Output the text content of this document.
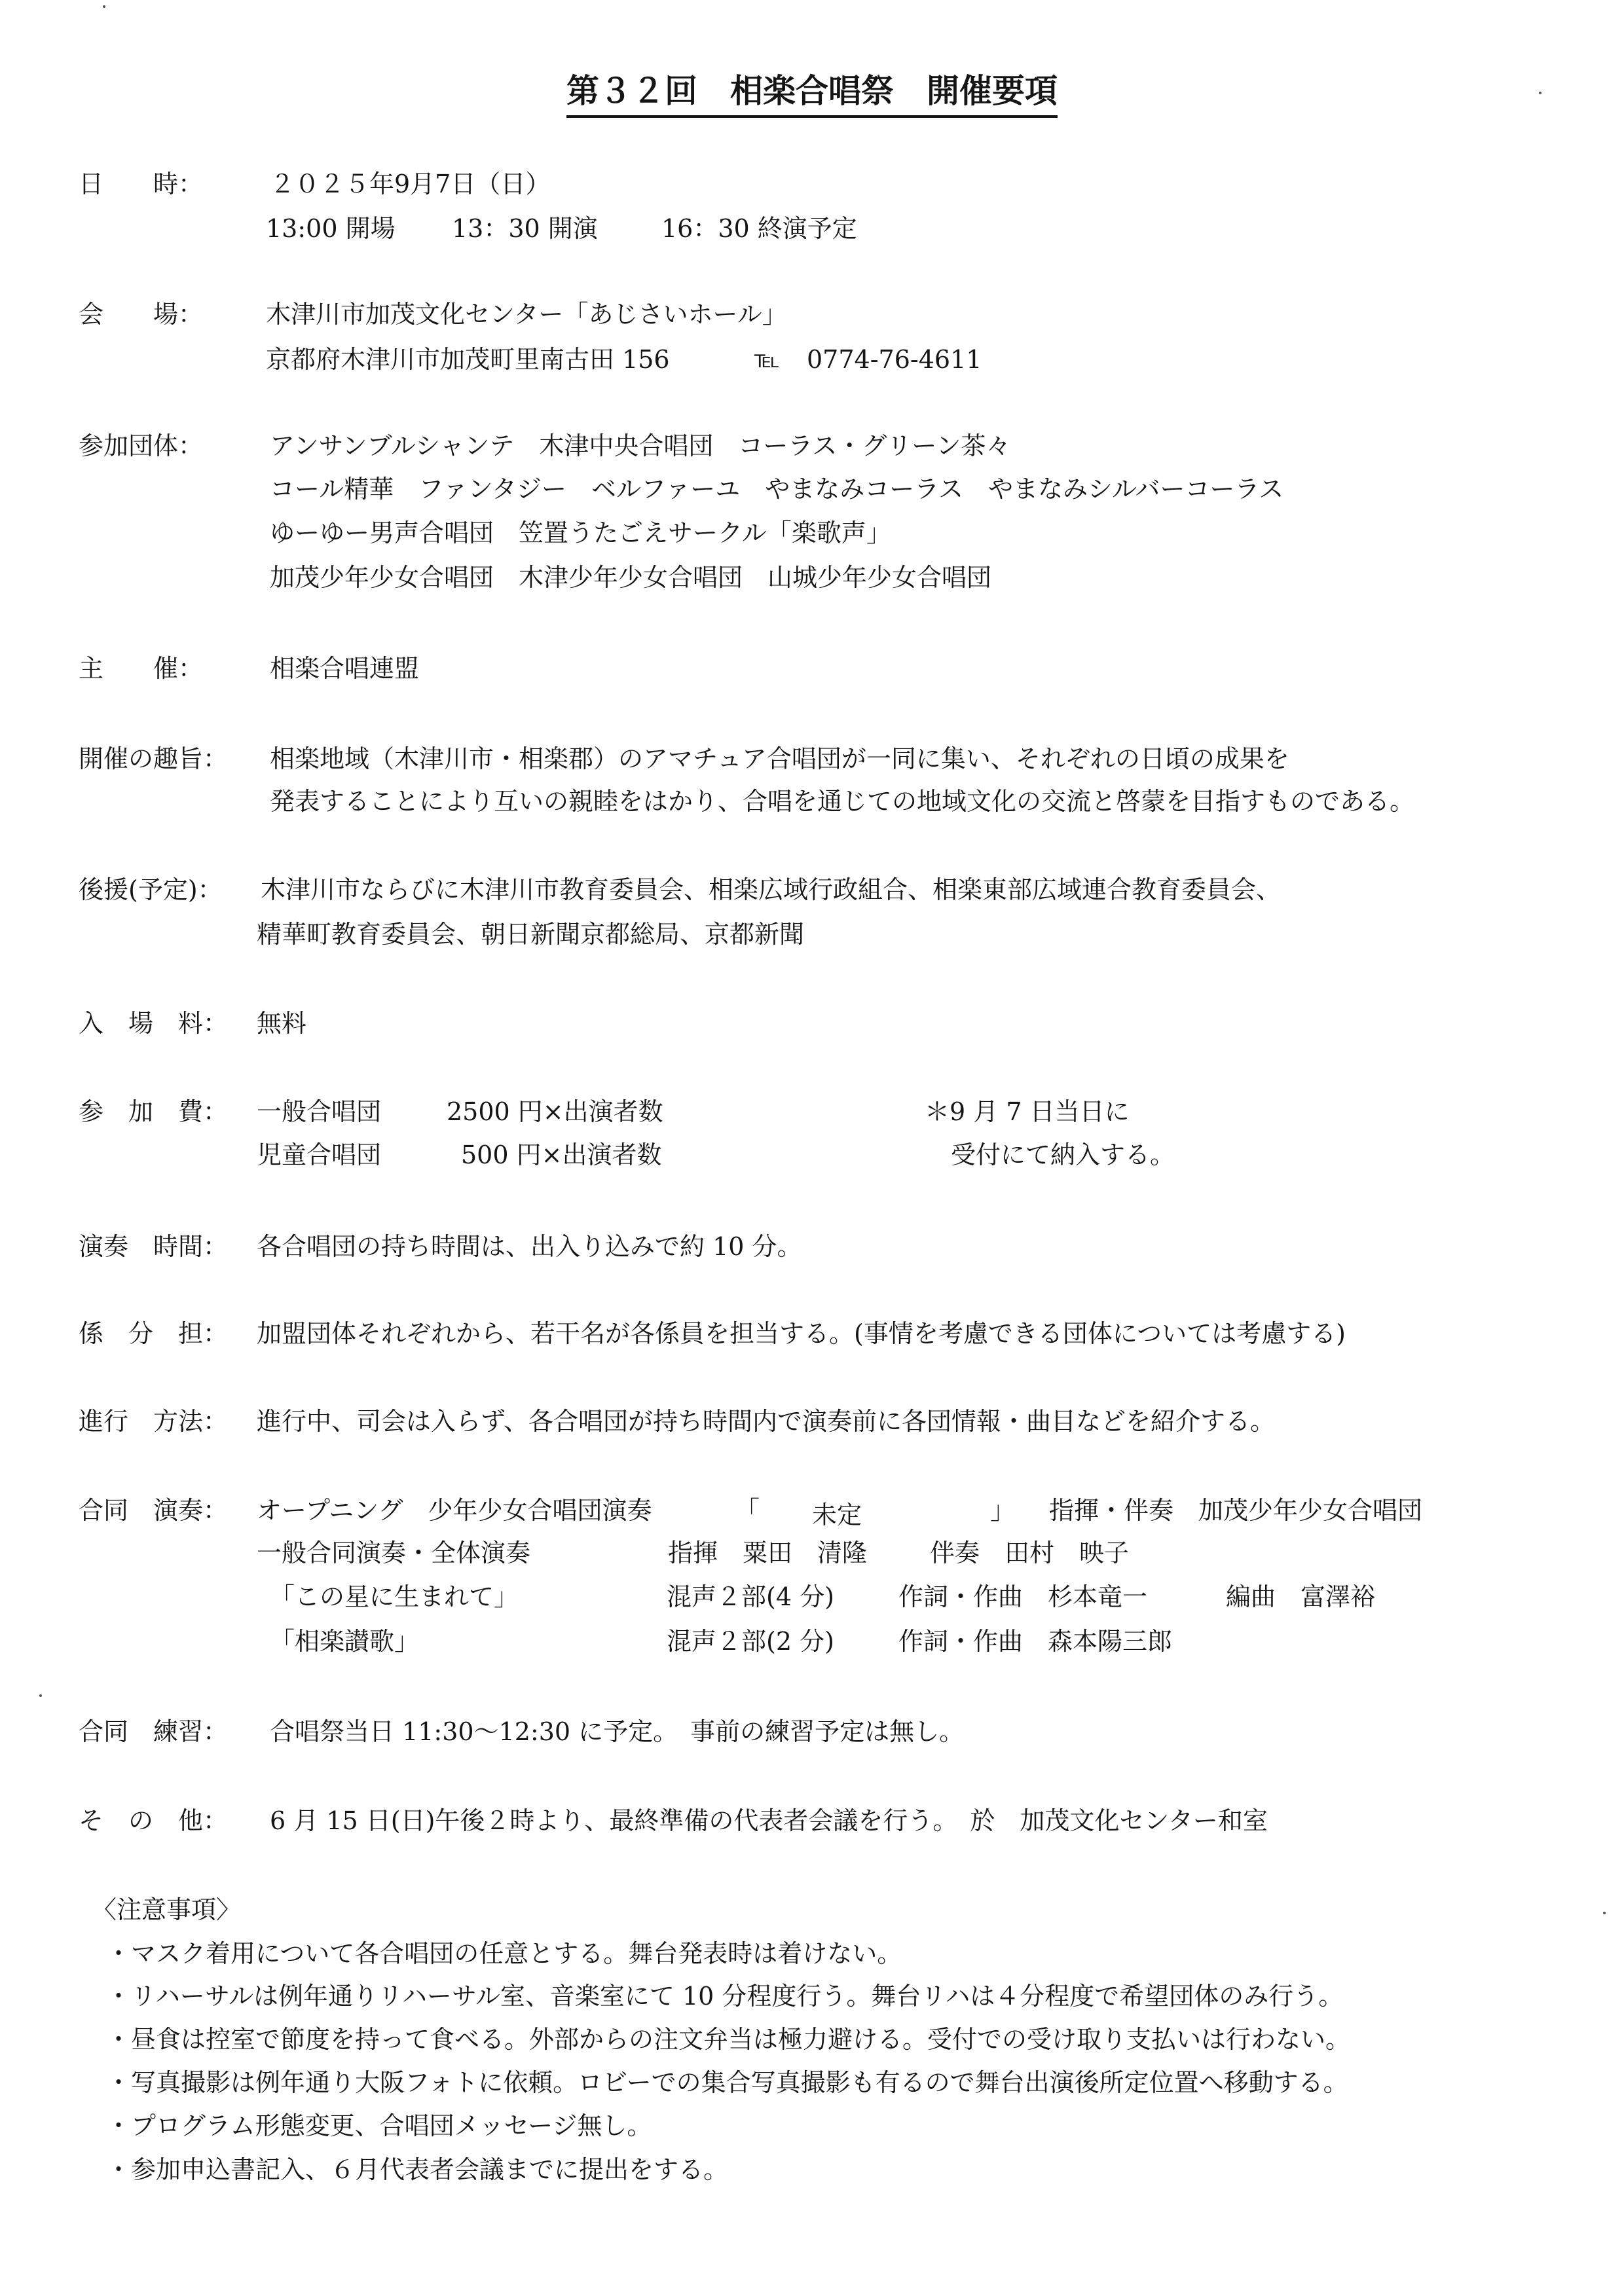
第３２回　相楽合唱祭　開催要項
日　　時：	２０２５年9月7日（日）
13:00 開場 13：30 開演	16：30 終演予定
会　　場：	木津川市加茂文化センター「あじさいホール」
京都府木津川市加茂町里南古田 156	℡ 0774-76-4611
参加団体：	アンサンブルシャンテ　木津中央合唱団　コーラス・グリーン茶々
コール精華　ファンタジー　ベルファーユ　やまなみコーラス　やまなみシルバーコーラス
ゆーゆー男声合唱団　笠置うたごえサークル「楽歌声」
加茂少年少女合唱団　木津少年少女合唱団　山城少年少女合唱団
主　　催：	相楽合唱連盟
開催の趣旨： 相楽地域（木津川市・相楽郡）のアマチュア合唱団が一同に集い、それぞれの日頃の成果を
発表することにより互いの親睦をはかり、合唱を通じての地域文化の交流と啓蒙を目指すものである。
後援(予定)： 木津川市ならびに木津川市教育委員会、相楽広域行政組合、相楽東部広域連合教育委員会、
精華町教育委員会、朝日新聞京都総局、京都新聞
入　場　料： 無料
参　加　費： 一般合唱団	2500 円×出演者数	＊9 月 7 日当日に
児童合唱団	500 円×出演者数	受付にて納入する。
演奏　時間： 各合唱団の持ち時間は、出入り込みで約 10 分。
係　分　担： 加盟団体それぞれから、若干名が各係員を担当する。(事情を考慮できる団体については考慮する)
進行　方法： 進行中、司会は入らず、各合唱団が持ち時間内で演奏前に各団情報・曲目などを紹介する。
合同　演奏： オープニング　少年少女合唱団演奏	「 未定	」 指揮・伴奏　加茂少年少女合唱団
一般合同演奏・全体演奏	指揮　粟田　清隆	伴奏　田村　映子
「この星に生まれて」	混声２部(4 分)	作詞・作曲　杉本竜一	編曲　富澤裕
「相楽讃歌」	混声２部(2 分)	作詞・作曲　森本陽三郎
合同　練習： 合唱祭当日 11:30～12:30 に予定。　事前の練習予定は無し。
そ　の　他： 6 月 15 日(日)午後２時より、最終準備の代表者会議を行う。　於　加茂文化センター和室
〈注意事項〉
・マスク着用について各合唱団の任意とする。舞台発表時は着けない。
・リハーサルは例年通りリハーサル室、音楽室にて 10 分程度行う。舞台リハは４分程度で希望団体のみ行う。
・昼食は控室で節度を持って食べる。外部からの注文弁当は極力避ける。受付での受け取り支払いは行わない。
・写真撮影は例年通り大阪フォトに依頼。ロビーでの集合写真撮影も有るので舞台出演後所定位置へ移動する。
・プログラム形態変更、合唱団メッセージ無し。
・参加申込書記入、６月代表者会議までに提出をする。
